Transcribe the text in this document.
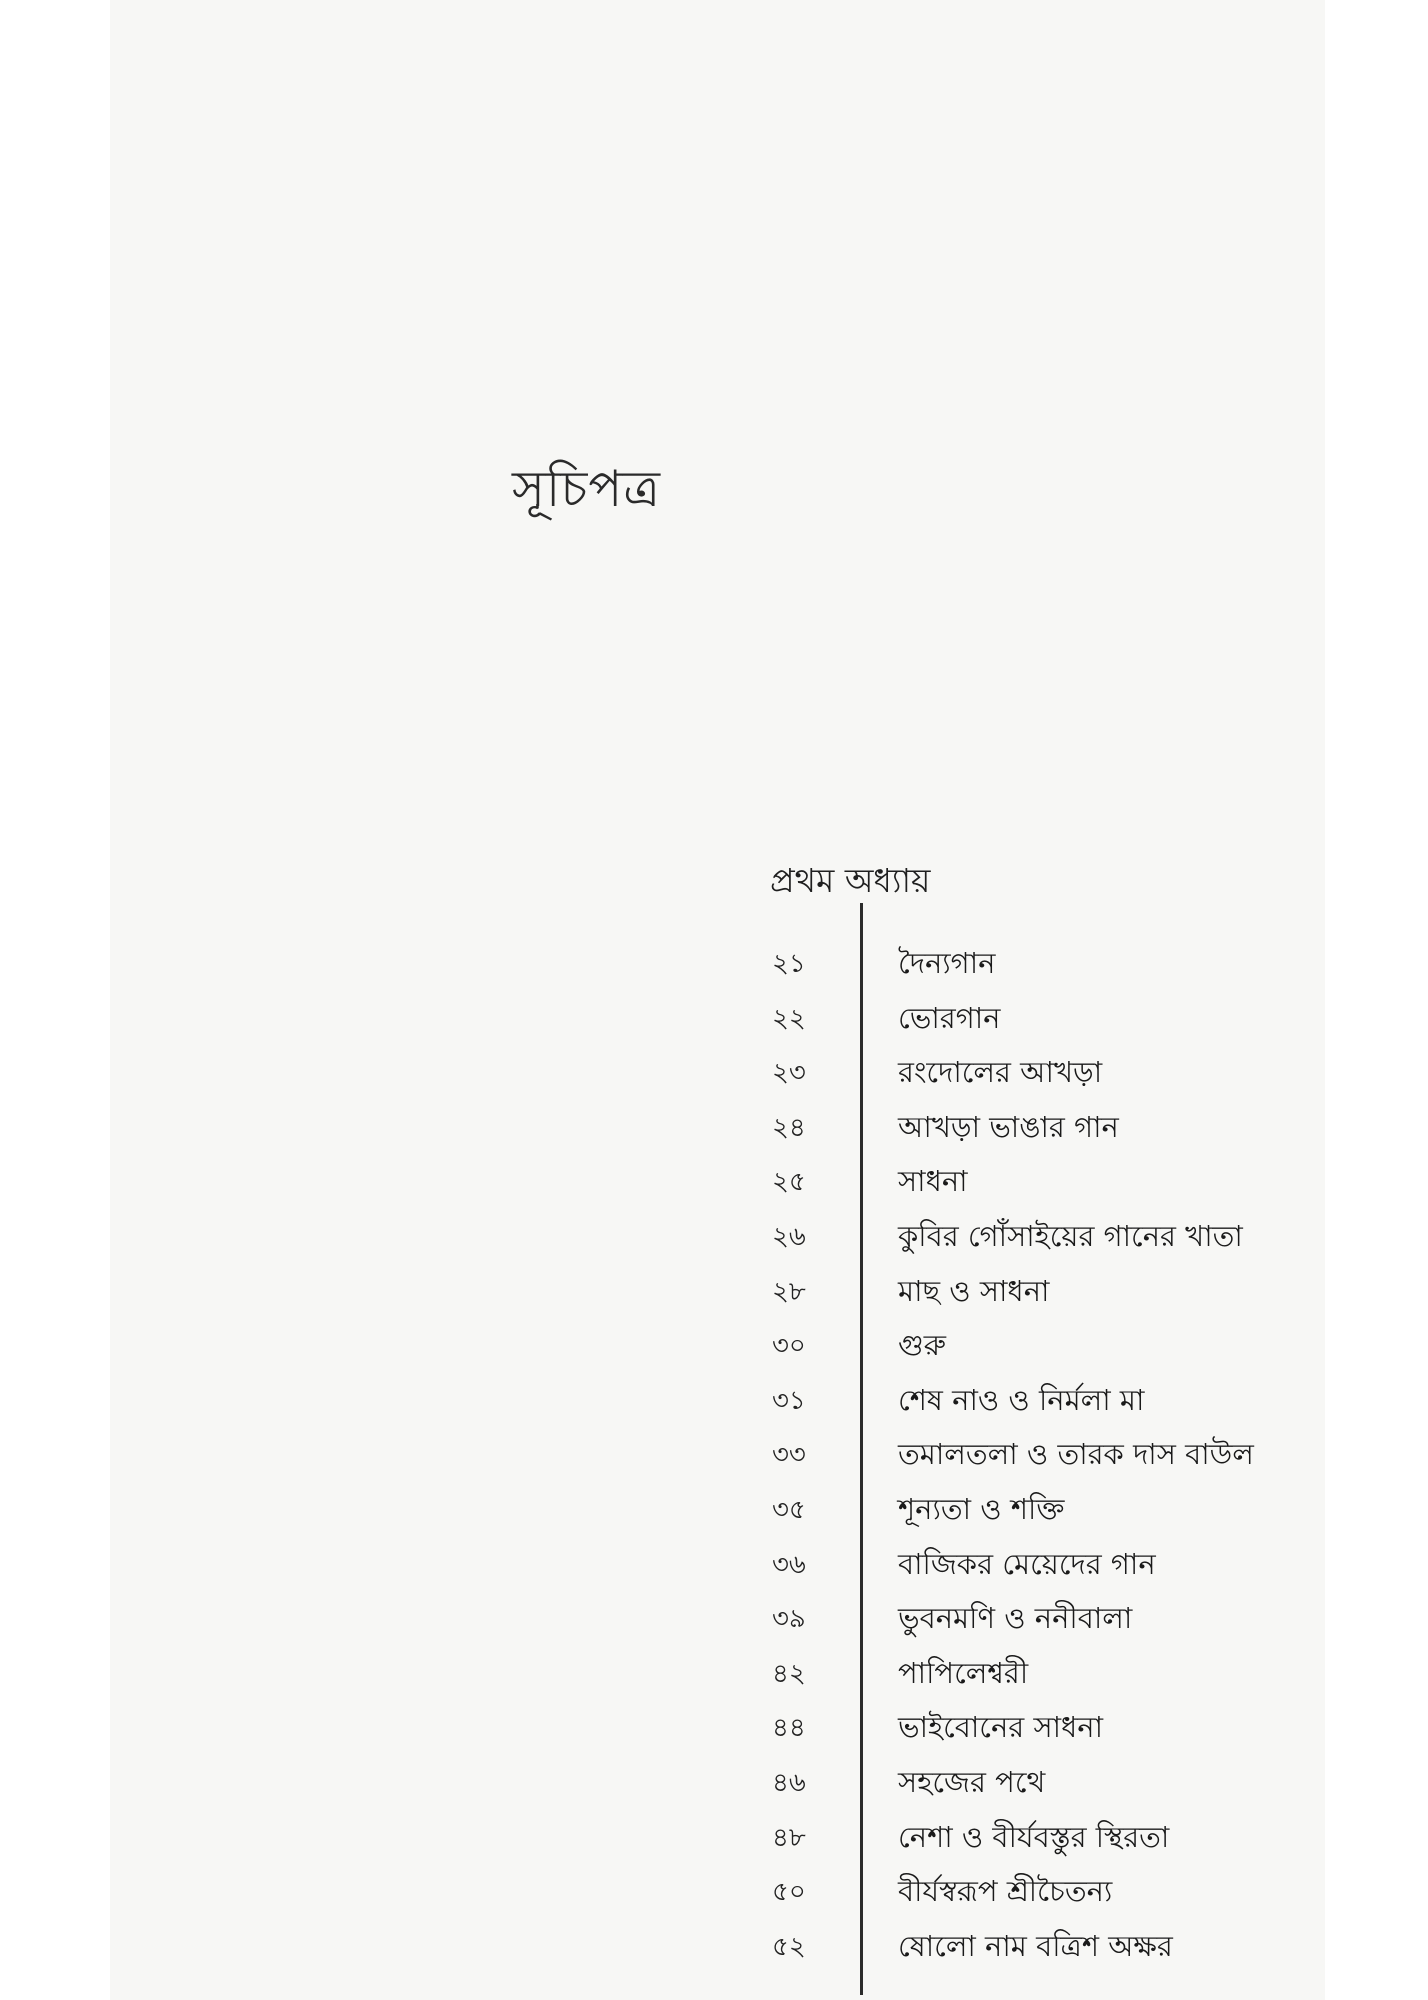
সূচিপত্র
প্রথম অধ্যায়
২১	দৈন্যগান
২২	ভোরগান
২৩	রংদোলের আখড়া
২৪	আখড়া ভাঙার গান
২৫	সাধনা
২৬	কুবির গোঁসাইয়ের গানের খাতা
২৮	মাছ ও সাধনা
৩০	গুরু
৩১	শেষ নাও ও নির্মলা মা
৩৩	তমালতলা ও তারক দাস বাউল
৩৫	শূন্যতা ও শক্তি
৩৬	বাজিকর মেয়েদের গান
৩৯	ভুবনমণি ও ননীবালা
৪২	পাপিলেশ্বরী
৪৪	ভাইবোনের সাধনা
৪৬	সহজের পথে
৪৮	নেশা ও বীর্যবস্তুর স্থিরতা
৫০	বীর্যস্বরূপ শ্রীচৈতন্য
৫২	ষোলো নাম বত্রিশ অক্ষর
